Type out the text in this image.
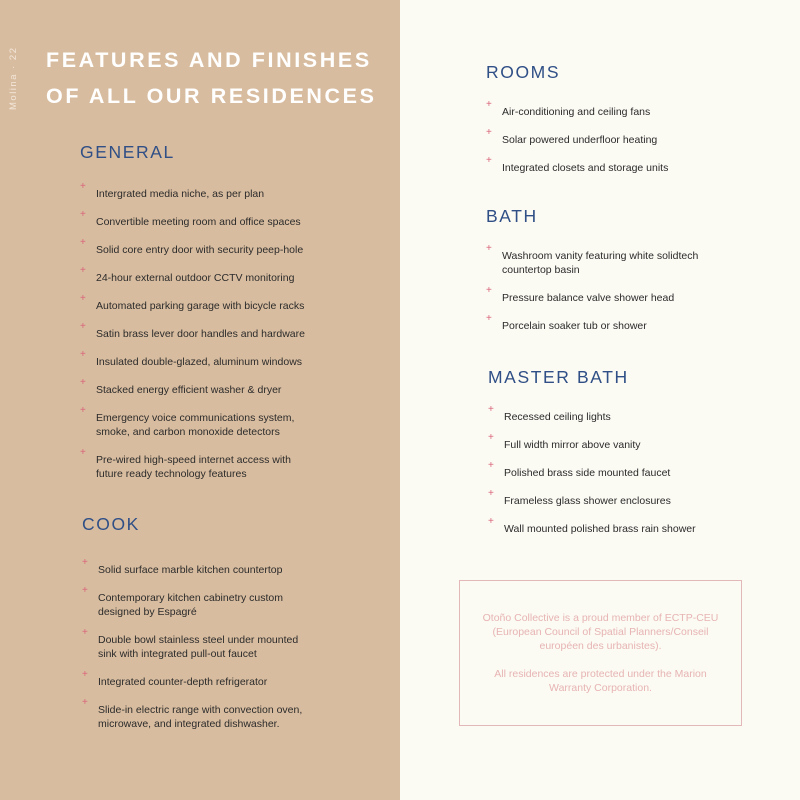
Molina · 22 FEATURES AND FINISHES
OF ALL OUR RESIDENCES
GENERAL
+
Intergrated media niche, as per plan
+
Convertible meeting room and office spaces
+
Solid core entry door with security peep-hole
+
24-hour external outdoor CCTV monitoring
+
Automated parking garage with bicycle racks
+
Satin brass lever door handles and hardware
+
Insulated double-glazed, aluminum windows
+
Stacked energy efficient washer & dryer
+
Emergency voice communications system, smoke, and carbon monoxide detectors
+
Pre-wired high-speed internet access with future ready technology features
COOK
+
Solid surface marble kitchen countertop
+
Contemporary kitchen cabinetry custom designed by Espagré
+
Double bowl stainless steel under mounted sink with integrated pull-out faucet
+
Integrated counter-depth refrigerator
+
Slide-in electric range with convection oven, microwave, and integrated dishwasher.
ROOMS
+
Air-conditioning and ceiling fans
+
Solar powered underfloor heating
+
Integrated closets and storage units
BATH
+
Washroom vanity featuring white solidtech countertop basin
+
Pressure balance valve shower head
+
Porcelain soaker tub or shower
MASTER BATH
+
Recessed ceiling lights
+
Full width mirror above vanity
+
Polished brass side mounted faucet
+
Frameless glass shower enclosures
+
Wall mounted polished brass rain shower

Otoño Collective is a proud member of ECTP-CEU (European Council of Spatial Planners/Conseil européen des urbanistes).

All residences are protected under the Marion Warranty Corporation.
